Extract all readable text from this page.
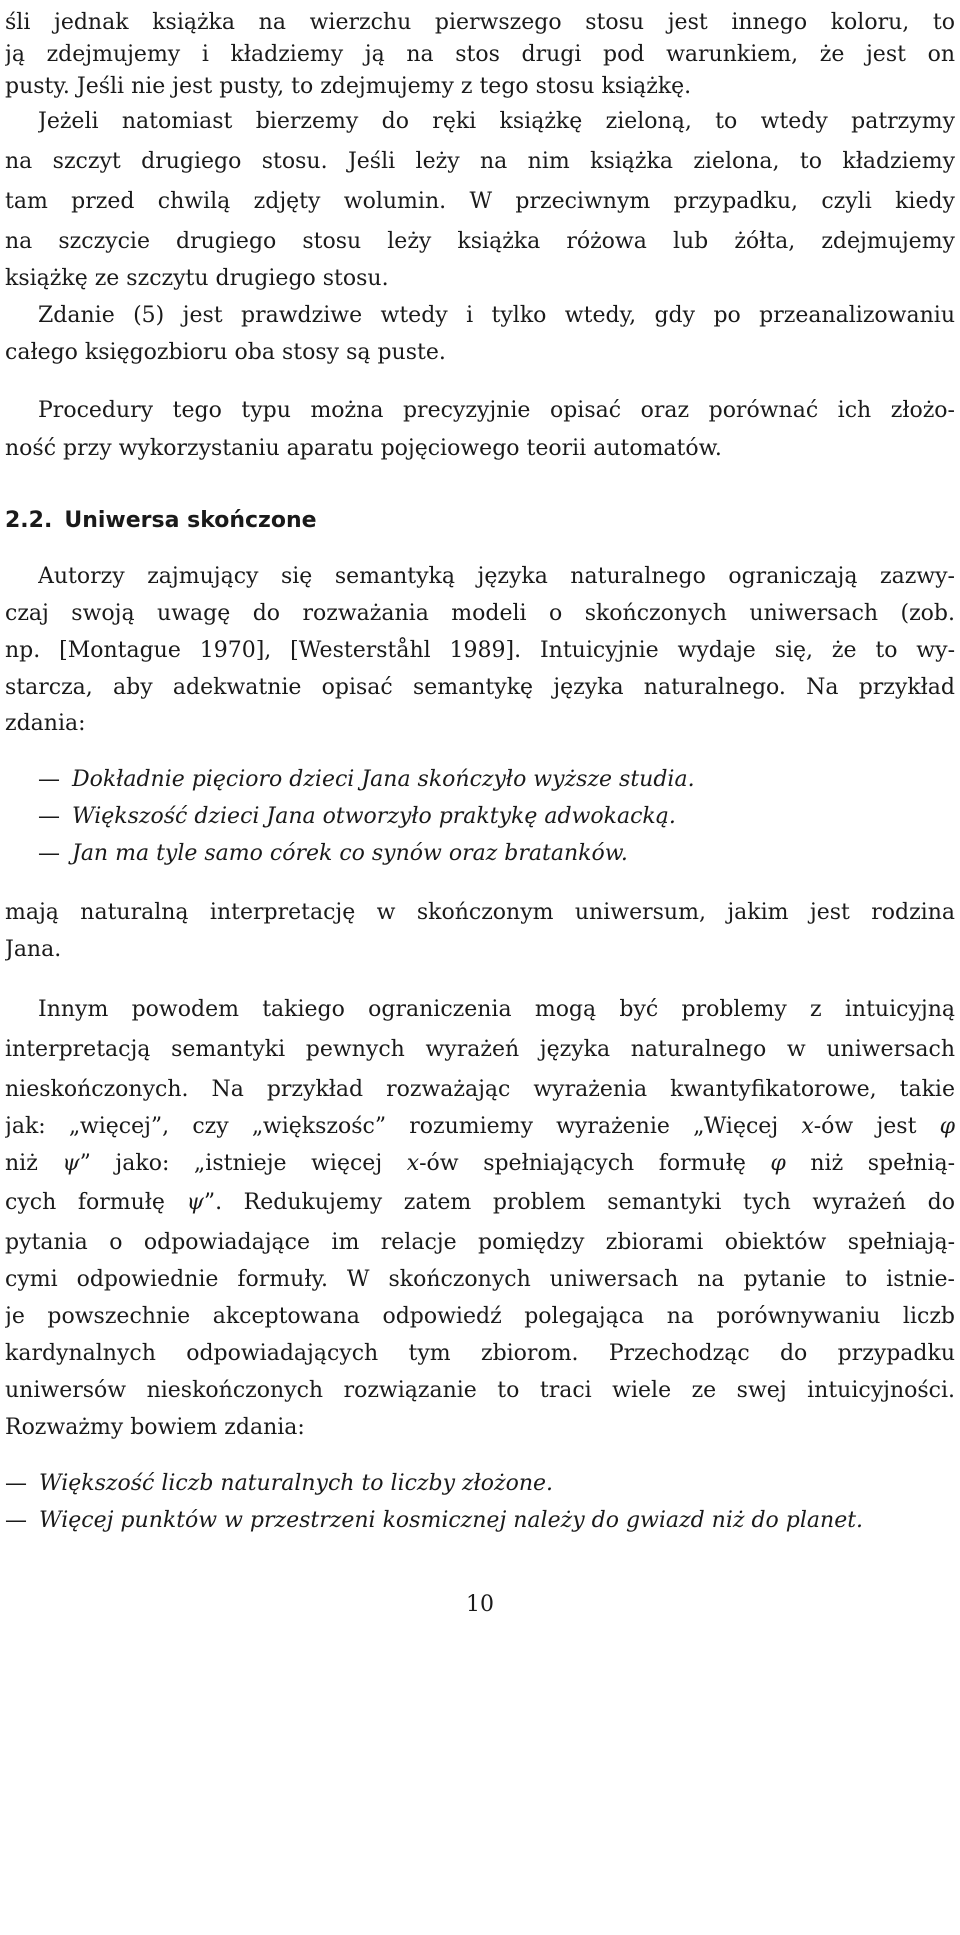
śli jednak książka na wierzchu pierwszego stosu jest innego koloru, to
ją zdejmujemy i kładziemy ją na stos drugi pod warunkiem, że jest on
pusty. Jeśli nie jest pusty, to zdejmujemy z tego stosu książkę.
Jeżeli natomiast bierzemy do ręki książkę zieloną, to wtedy patrzymy
na szczyt drugiego stosu. Jeśli leży na nim książka zielona, to kładziemy
tam przed chwilą zdjęty wolumin. W przeciwnym przypadku, czyli kiedy
na szczycie drugiego stosu leży książka różowa lub żółta, zdejmujemy
książkę ze szczytu drugiego stosu.
Zdanie (5) jest prawdziwe wtedy i tylko wtedy, gdy po przeanalizowaniu
całego księgozbioru oba stosy są puste.
Procedury tego typu można precyzyjnie opisać oraz porównać ich złożo-
ność przy wykorzystaniu aparatu pojęciowego teorii automatów.
2.2. Uniwersa skończone
Autorzy zajmujący się semantyką języka naturalnego ograniczają zazwy-
czaj swoją uwagę do rozważania modeli o skończonych uniwersach (zob.
np. [Montague 1970], [Westerståhl 1989]. Intuicyjnie wydaje się, że to wy-
starcza, aby adekwatnie opisać semantykę języka naturalnego. Na przykład
zdania:
— Dokładnie pięcioro dzieci Jana skończyło wyższe studia.
— Większość dzieci Jana otworzyło praktykę adwokacką.
— Jan ma tyle samo córek co synów oraz bratanków.
mają naturalną interpretację w skończonym uniwersum, jakim jest rodzina
Jana.
Innym powodem takiego ograniczenia mogą być problemy z intuicyjną
interpretacją semantyki pewnych wyrażeń języka naturalnego w uniwersach
nieskończonych. Na przykład rozważając wyrażenia kwantyfikatorowe, takie
jak: „więcej”, czy „większośc” rozumiemy wyrażenie „Więcej x-ów jest φ
niż ψ” jako: „istnieje więcej x-ów spełniających formułę φ niż spełnią-
cych formułę ψ”. Redukujemy zatem problem semantyki tych wyrażeń do
pytania o odpowiadające im relacje pomiędzy zbiorami obiektów spełniają-
cymi odpowiednie formuły. W skończonych uniwersach na pytanie to istnie-
je powszechnie akceptowana odpowiedź polegająca na porównywaniu liczb
kardynalnych odpowiadających tym zbiorom. Przechodząc do przypadku
uniwersów nieskończonych rozwiązanie to traci wiele ze swej intuicyjności.
Rozważmy bowiem zdania:
— Większość liczb naturalnych to liczby złożone.
— Więcej punktów w przestrzeni kosmicznej należy do gwiazd niż do planet.
10
